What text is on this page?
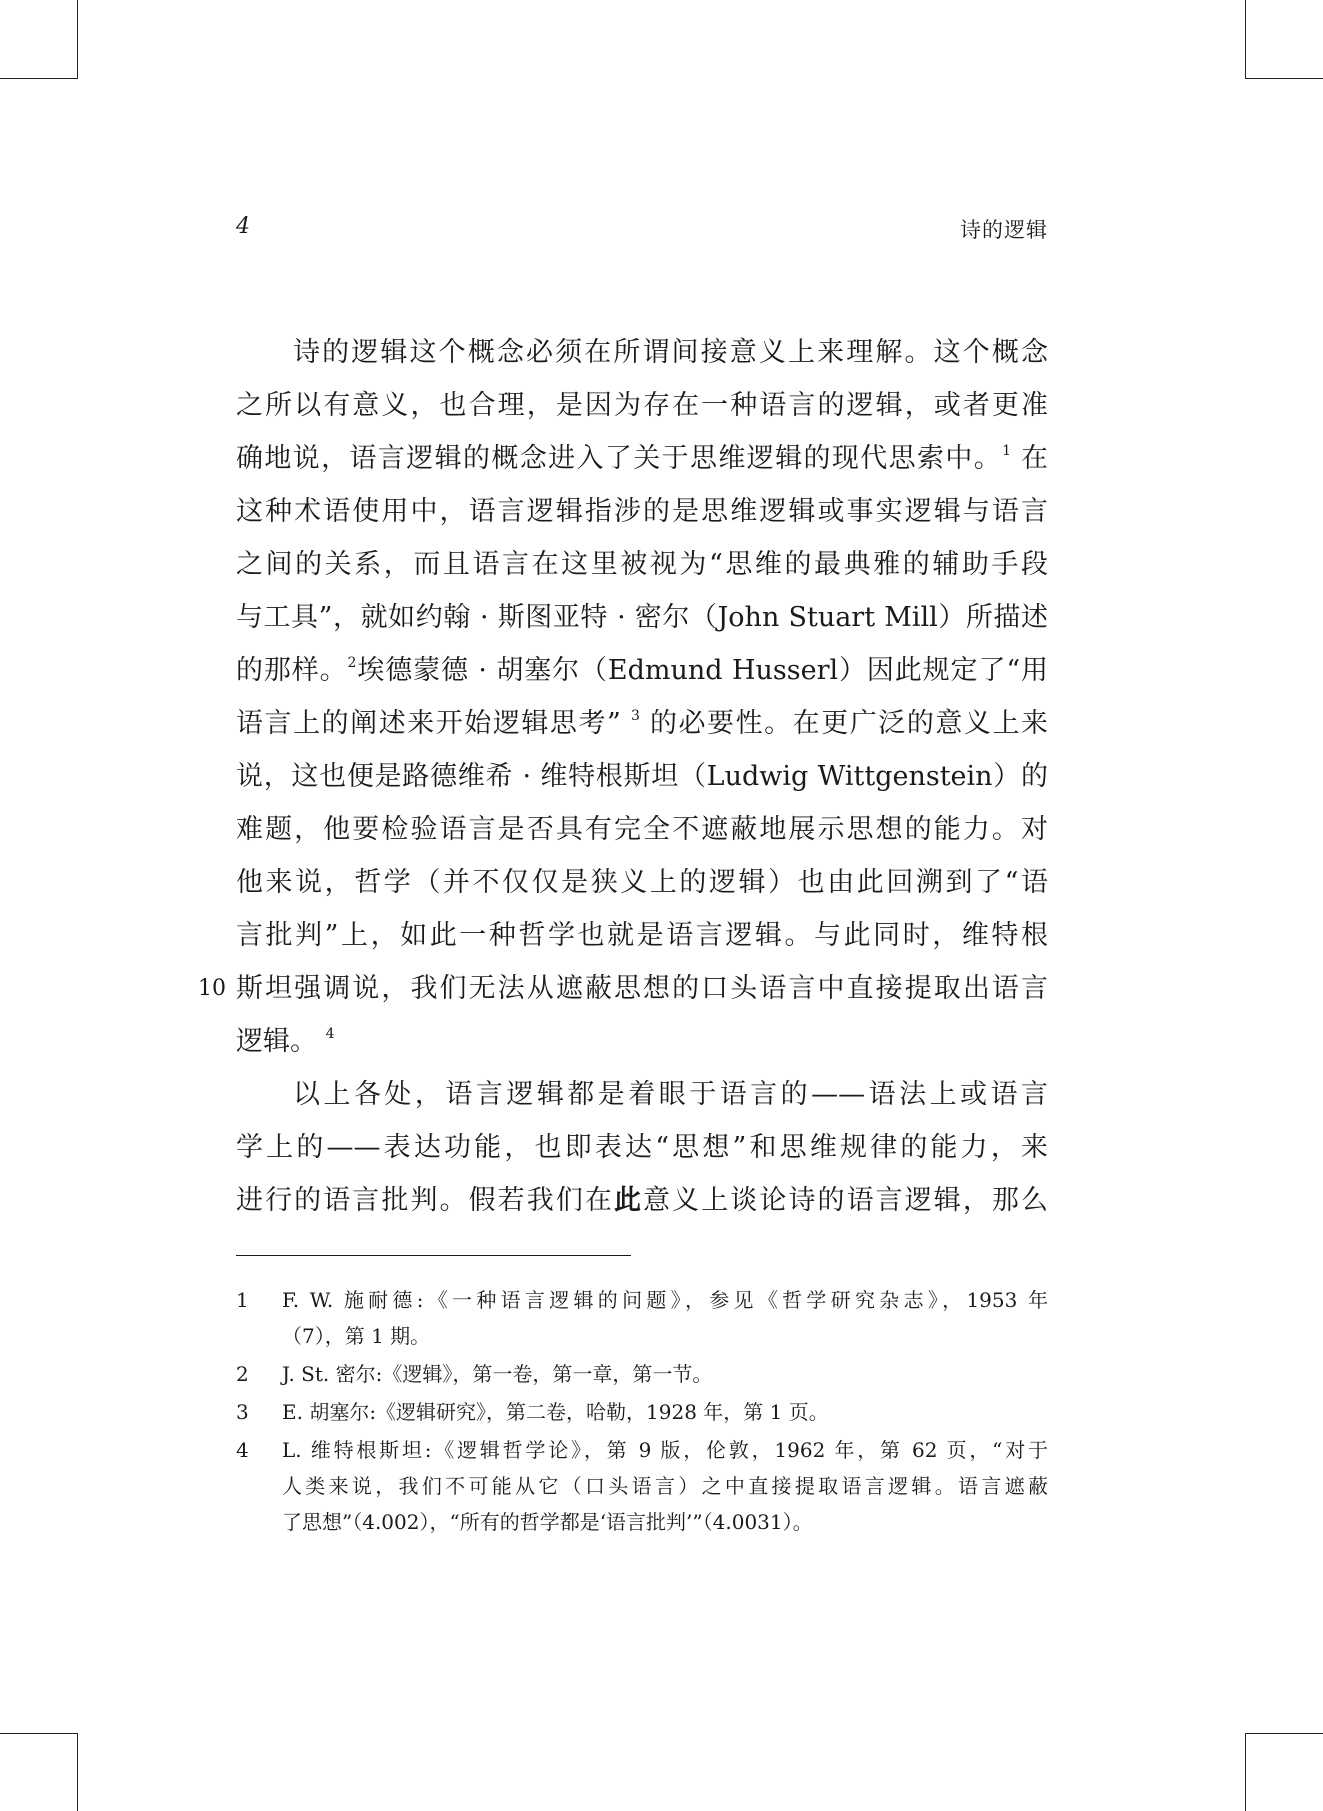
4	诗的逻辑
诗的逻辑这个概念必须在所谓间接意义上来理解。这个概念
之所以有意义，也合理，是因为存在一种语言的逻辑，或者更准
确地说，语言逻辑的概念进入了关于思维逻辑的现代思索中。$^1$ 在
这种术语使用中，语言逻辑指涉的是思维逻辑或事实逻辑与语言
之间的关系，而且语言在这里被视为“思维的最典雅的辅助手段
与工具”，就如约翰 · 斯图亚特 · 密尔（John Stuart Mill）所描述
的那样。$^2$埃德蒙德 · 胡塞尔（Edmund Husserl）因此规定了“用
语言上的阐述来开始逻辑思考” $^3$ 的必要性。在更广泛的意义上来
说，这也便是路德维希 · 维特根斯坦（Ludwig Wittgenstein）的
难题，他要检验语言是否具有完全不遮蔽地展示思想的能力。对
他来说，哲学（并不仅仅是狭义上的逻辑）也由此回溯到了“语
言批判”上，如此一种哲学也就是语言逻辑。与此同时，维特根
10 斯坦强调说，我们无法从遮蔽思想的口头语言中直接提取出语言
逻辑。 $^4$
以上各处，语言逻辑都是着眼于语言的——语法上或语言
学上的——表达功能，也即表达“思想”和思维规律的能力，来
进行的语言批判。假若我们在此意义上谈论诗的语言逻辑，那么
1 F. W. 施耐德:《一种语言逻辑的问题》，参见《哲学研究杂志》，1953 年
（7），第 1 期。
2 J. St. 密尔:《逻辑》，第一卷，第一章，第一节。
3 E. 胡塞尔:《逻辑研究》，第二卷，哈勒，1928 年，第 1 页。
4 L. 维特根斯坦:《逻辑哲学论》，第 9 版，伦敦，1962 年，第 62 页，“对于
人类来说，我们不可能从它（口头语言）之中直接提取语言逻辑。语言遮蔽
了思想”（4.002），“所有的哲学都是‘语言批判’”（4.0031）。
